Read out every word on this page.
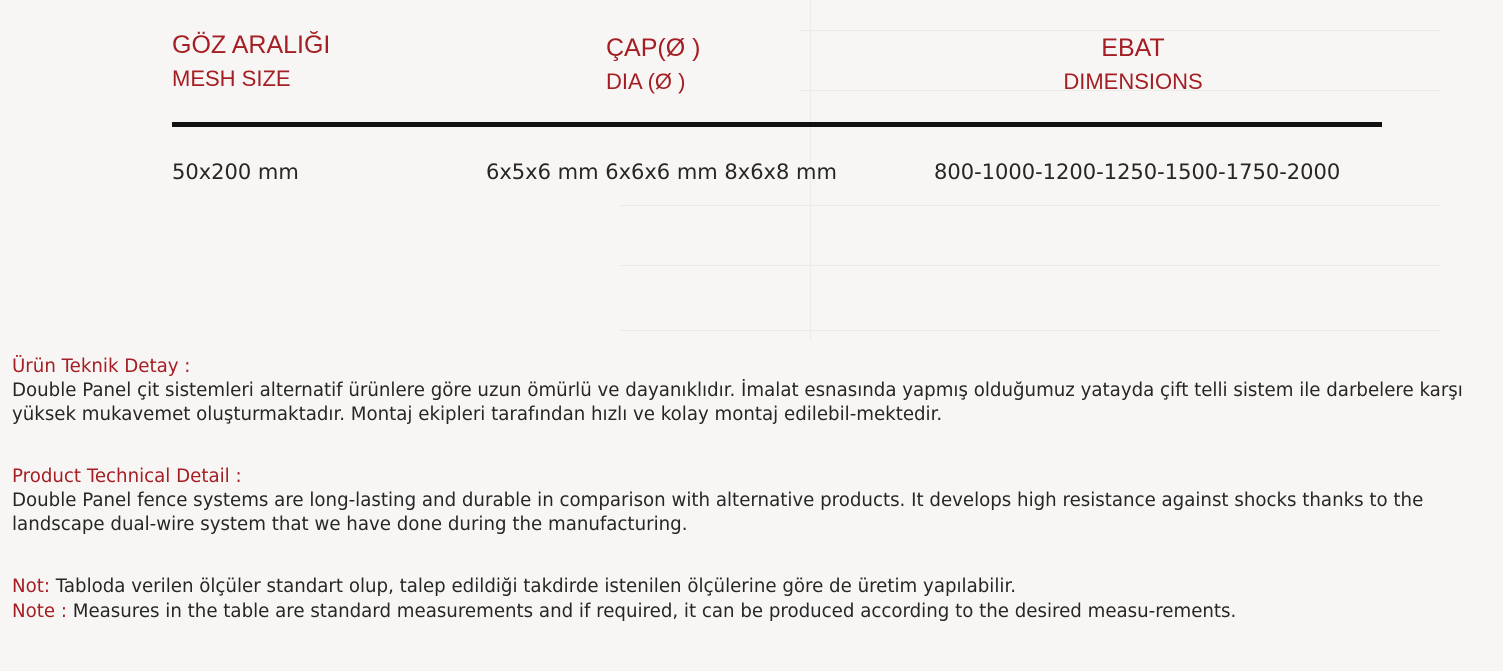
GÖZ ARALIĞI
MESH SIZE
ÇAP(Ø )
DIA (Ø )
EBAT
DIMENSIONS
50x200 mm	6x5x6 mm 6x6x6 mm 8x6x8 mm	800-1000-1200-1250-1500-1750-2000
Ürün Teknik Detay :
Double Panel çit sistemleri alternatif ürünlere göre uzun ömürlü ve dayanıklıdır. İmalat esnasında yapmış olduğumuz yatayda çift telli sistem ile darbelere karşı yüksek mukavemet oluşturmaktadır. Montaj ekipleri tarafından hızlı ve kolay montaj edilebil-mektedir.
Product Technical Detail :
Double Panel fence systems are long-lasting and durable in comparison with alternative products. It develops high resistance against shocks thanks to the landscape dual-wire system that we have done during the manufacturing.
Not: Tabloda verilen ölçüler standart olup, talep edildiği takdirde istenilen ölçülerine göre de üretim yapılabilir.
Note : Measures in the table are standard measurements and if required, it can be produced according to the desired measu-rements.
